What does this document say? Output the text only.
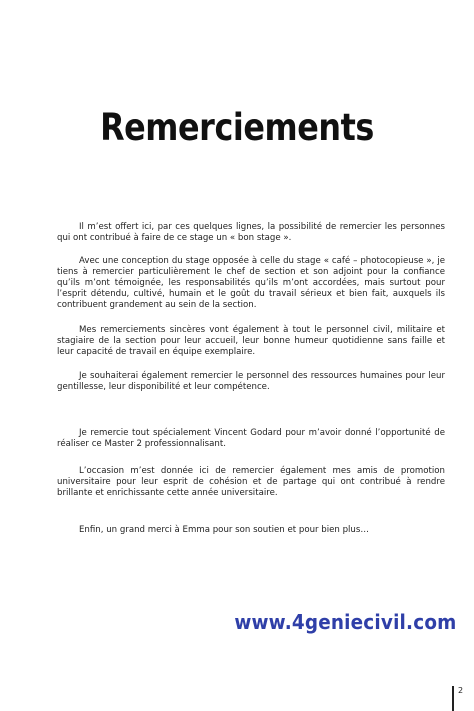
Remerciements

Il m’est offert ici, par ces quelques lignes, la possibilité de remercier les personnes qui ont contribué à faire de ce stage un « bon stage ».

Avec une conception du stage opposée à celle du stage « café – photocopieuse », je tiens à remercier particulièrement le chef de section et son adjoint pour la confiance qu’ils m’ont témoignée, les responsabilités qu’ils m’ont accordées, mais surtout pour l’esprit détendu, cultivé, humain et le goût du travail sérieux et bien fait, auxquels ils contribuent grandement au sein de la section.

Mes remerciements sincères vont également à tout le personnel civil, militaire et stagiaire de la section pour leur accueil, leur bonne humeur quotidienne sans faille et leur capacité de travail en équipe exemplaire.

Je souhaiterai également remercier le personnel des ressources humaines pour leur gentillesse, leur disponibilité et leur compétence.

Je remercie tout spécialement Vincent Godard pour m’avoir donné l’opportunité de réaliser ce Master 2 professionnalisant.

L’occasion m’est donnée ici de remercier également mes amis de promotion universitaire pour leur esprit de cohésion et de partage qui ont contribué à rendre brillante et enrichissante cette année universitaire.

Enfin, un grand merci à Emma pour son soutien et pour bien plus…

www.4geniecivil.com
2
